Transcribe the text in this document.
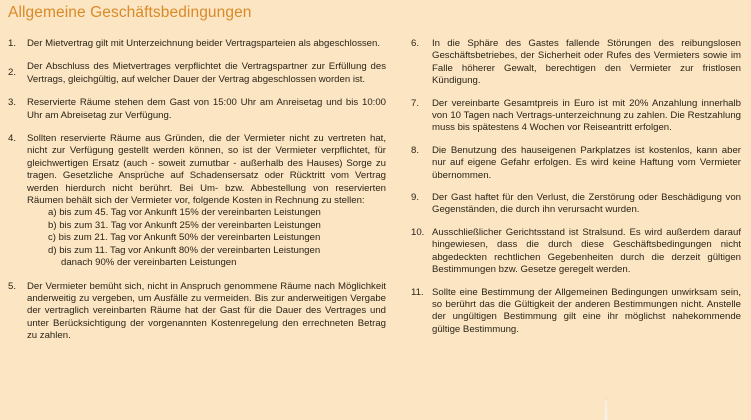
Allgemeine Geschäftsbedingungen
1.	Der Mietvertrag gilt mit Unterzeichnung beider Vertragsparteien als abgeschlossen.
2.
Der Abschluss des Mietvertrages verpflichtet die Vertragspartner zur Erfüllung des Vertrags, gleichgültig, auf welcher Dauer der Vertrag abgeschlossen worden ist.
3.	Reservierte Räume stehen dem Gast von 15:00 Uhr am Anreisetag und bis 10:00 Uhr am Abreisetag zur Verfügung.
4.	Sollten reservierte Räume aus Gründen, die der Vermieter nicht zu vertreten hat, nicht zur Verfügung gestellt werden können, so ist der Vermieter verpflichtet, für gleichwertigen Ersatz (auch - soweit zumutbar - außerhalb des Hauses) Sorge zu tragen. Gesetzliche Ansprüche auf Schadensersatz oder Rücktritt vom Vertrag werden hierdurch nicht berührt. Bei Um- bzw. Abbestellung von reservierten Räumen behält sich der Vermieter vor, folgende Kosten in Rechnung zu stellen:
a) bis zum 45. Tag vor Ankunft 15% der vereinbarten Leistungen
b) bis zum 31. Tag vor Ankunft 25% der vereinbarten Leistungen
c) bis zum 21. Tag vor Ankunft 50% der vereinbarten Leistungen
d) bis zum 11. Tag vor Ankunft 80% der vereinbarten Leistungen
danach 90% der vereinbarten Leistungen
5.	Der Vermieter bemüht sich, nicht in Anspruch genommene Räume nach Möglichkeit anderweitig zu vergeben, um Ausfälle zu vermeiden. Bis zur anderweitigen Vergabe der vertraglich vereinbarten Räume hat der Gast für die Dauer des Vertrages und unter Berücksichtigung der vorgenannten Kostenregelung den errechneten Betrag zu zahlen.
6.	In die Sphäre des Gastes fallende Störungen des reibungslosen Geschäftsbetriebes, der Sicherheit oder Rufes des Vermieters sowie im Falle höherer Gewalt, berechtigen den Vermieter zur fristlosen Kündigung.
7.	Der vereinbarte Gesamtpreis in Euro ist mit 20% Anzahlung innerhalb von 10 Tagen nach Vertrags-unterzeichnung zu zahlen. Die Restzahlung muss bis spätestens 4 Wochen vor Reiseantritt erfolgen.
8.	Die Benutzung des hauseigenen Parkplatzes ist kostenlos, kann aber nur auf eigene Gefahr erfolgen. Es wird keine Haftung vom Vermieter übernommen.
9.	Der Gast haftet für den Verlust, die Zerstörung oder Beschädigung von Gegenständen, die durch ihn verursacht wurden.
10. Ausschließlicher Gerichtsstand ist Stralsund. Es wird außerdem darauf hingewiesen, dass die durch diese Geschäftsbedingungen nicht abgedeckten rechtlichen Gegebenheiten durch die derzeit gültigen Bestimmungen bzw. Gesetze geregelt werden.
11. Sollte eine Bestimmung der Allgemeinen Bedingungen unwirksam sein, so berührt das die Gültigkeit der anderen Bestimmungen nicht. Anstelle der ungültigen Bestimmung gilt eine ihr möglichst nahekommende gültige Bestimmung.
